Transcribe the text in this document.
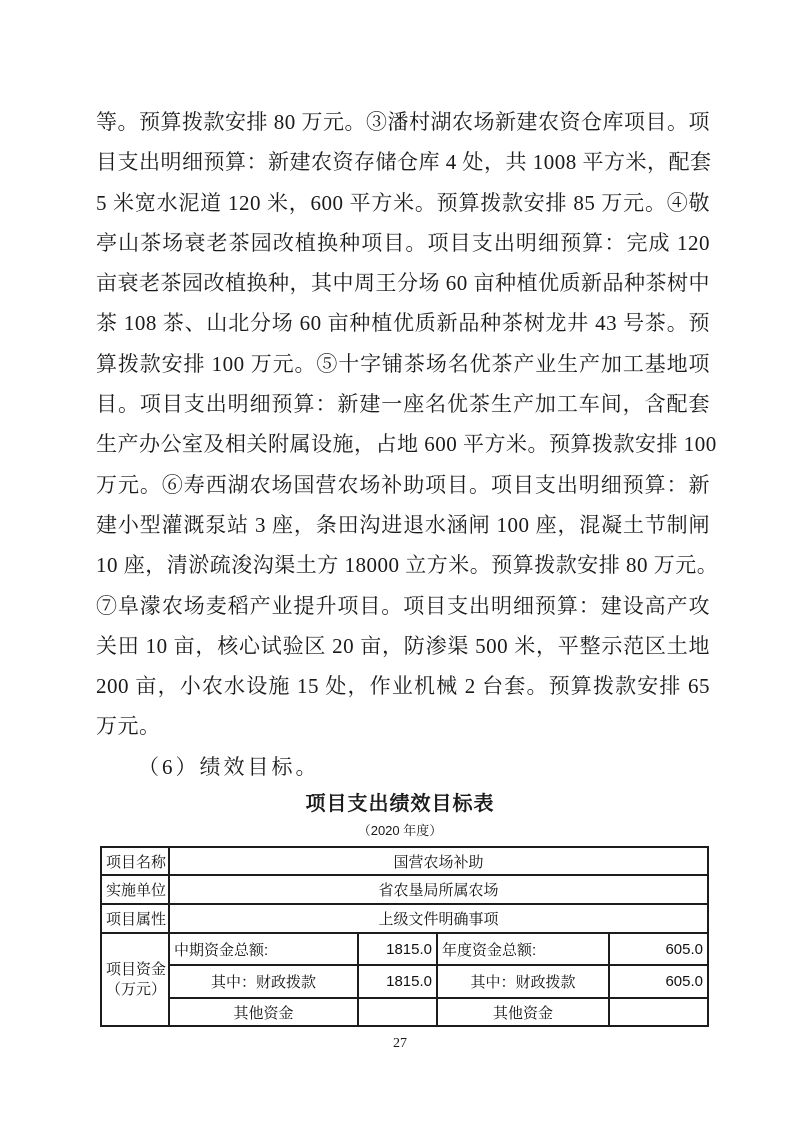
等。预算拨款安排 80 万元。③潘村湖农场新建农资仓库项目。项
目支出明细预算：新建农资存储仓库 4 处，共 1008 平方米，配套
5 米宽水泥道 120 米，600 平方米。预算拨款安排 85 万元。④敬
亭山茶场衰老茶园改植换种项目。项目支出明细预算：完成 120
亩衰老茶园改植换种，其中周王分场 60 亩种植优质新品种茶树中
茶 108 茶、山北分场 60 亩种植优质新品种茶树龙井 43 号茶。预
算拨款安排 100 万元。⑤十字铺茶场名优茶产业生产加工基地项
目。项目支出明细预算：新建一座名优茶生产加工车间，含配套
生产办公室及相关附属设施，占地 600 平方米。预算拨款安排 100
万元。⑥寿西湖农场国营农场补助项目。项目支出明细预算：新
建小型灌溉泵站 3 座，条田沟进退水涵闸 100 座，混凝土节制闸
10 座，清淤疏浚沟渠土方 18000 立方米。预算拨款安排 80 万元。
⑦阜濛农场麦稻产业提升项目。项目支出明细预算：建设高产攻
关田 10 亩，核心试验区 20 亩，防渗渠 500 米，平整示范区土地
200 亩，小农水设施 15 处，作业机械 2 台套。预算拨款安排 65
万元。
（6）绩效目标。
项目支出绩效目标表
（2020 年度）
项目名称	国营农场补助			
实施单位	省农垦局所属农场			
项目属性	上级文件明确事项			
项目资金
（万元）	中期资金总额:	1815.0	年度资金总额:	605.0
	其中：财政拨款	1815.0	其中：财政拨款	605.0
	其他资金		其他资金	
27
